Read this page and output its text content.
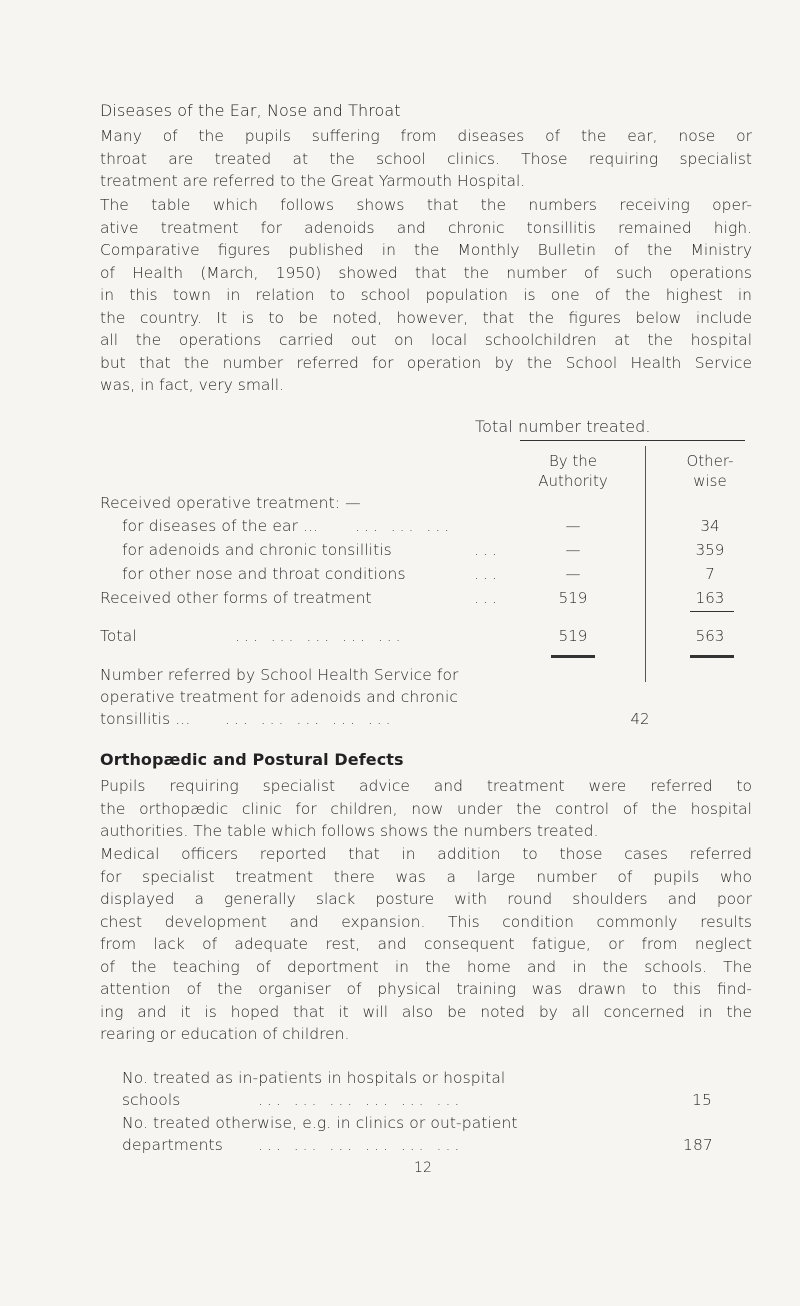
Diseases of the Ear, Nose and Throat
Many of the pupils suffering from diseases of the ear, nose or
throat are treated at the school clinics. Those requiring specialist
treatment are referred to the Great Yarmouth Hospital.
The table which follows shows that the numbers receiving oper-
ative treatment for adenoids and chronic tonsillitis remained high.
Comparative figures published in the Monthly Bulletin of the Ministry
of Health (March, 1950) showed that the number of such operations
in this town in relation to school population is one of the highest in
the country. It is to be noted, however, that the figures below include
all the operations carried out on local schoolchildren at the hospital
but that the number referred for operation by the School Health Service
was, in fact, very small.
Total number treated.
By the
Authority
Other-
wise
Received operative treatment: —
for diseases of the ear ... ... ... ...	—	34
for adenoids and chronic tonsillitis	...	—	359
for other nose and throat conditions	...	—	7
Received other forms of treatment	...	519	163
Total	... ... ... ... ...	519	563
Number referred by School Health Service for
operative treatment for adenoids and chronic
tonsillitis ... ... ... ... ... ...	42
Orthopædic and Postural Defects
Pupils requiring specialist advice and treatment were referred to
the orthopædic clinic for children, now under the control of the hospital
authorities. The table which follows shows the numbers treated.
Medical officers reported that in addition to those cases referred
for specialist treatment there was a large number of pupils who
displayed a generally slack posture with round shoulders and poor
chest development and expansion. This condition commonly results
from lack of adequate rest, and consequent fatigue, or from neglect
of the teaching of deportment in the home and in the schools. The
attention of the organiser of physical training was drawn to this find-
ing and it is hoped that it will also be noted by all concerned in the
rearing or education of children.
No. treated as in-patients in hospitals or hospital
schools	... ... ... ... ... ...	15
No. treated otherwise, e.g. in clinics or out-patient
departments ... ... ... ... ... ...	187
12
